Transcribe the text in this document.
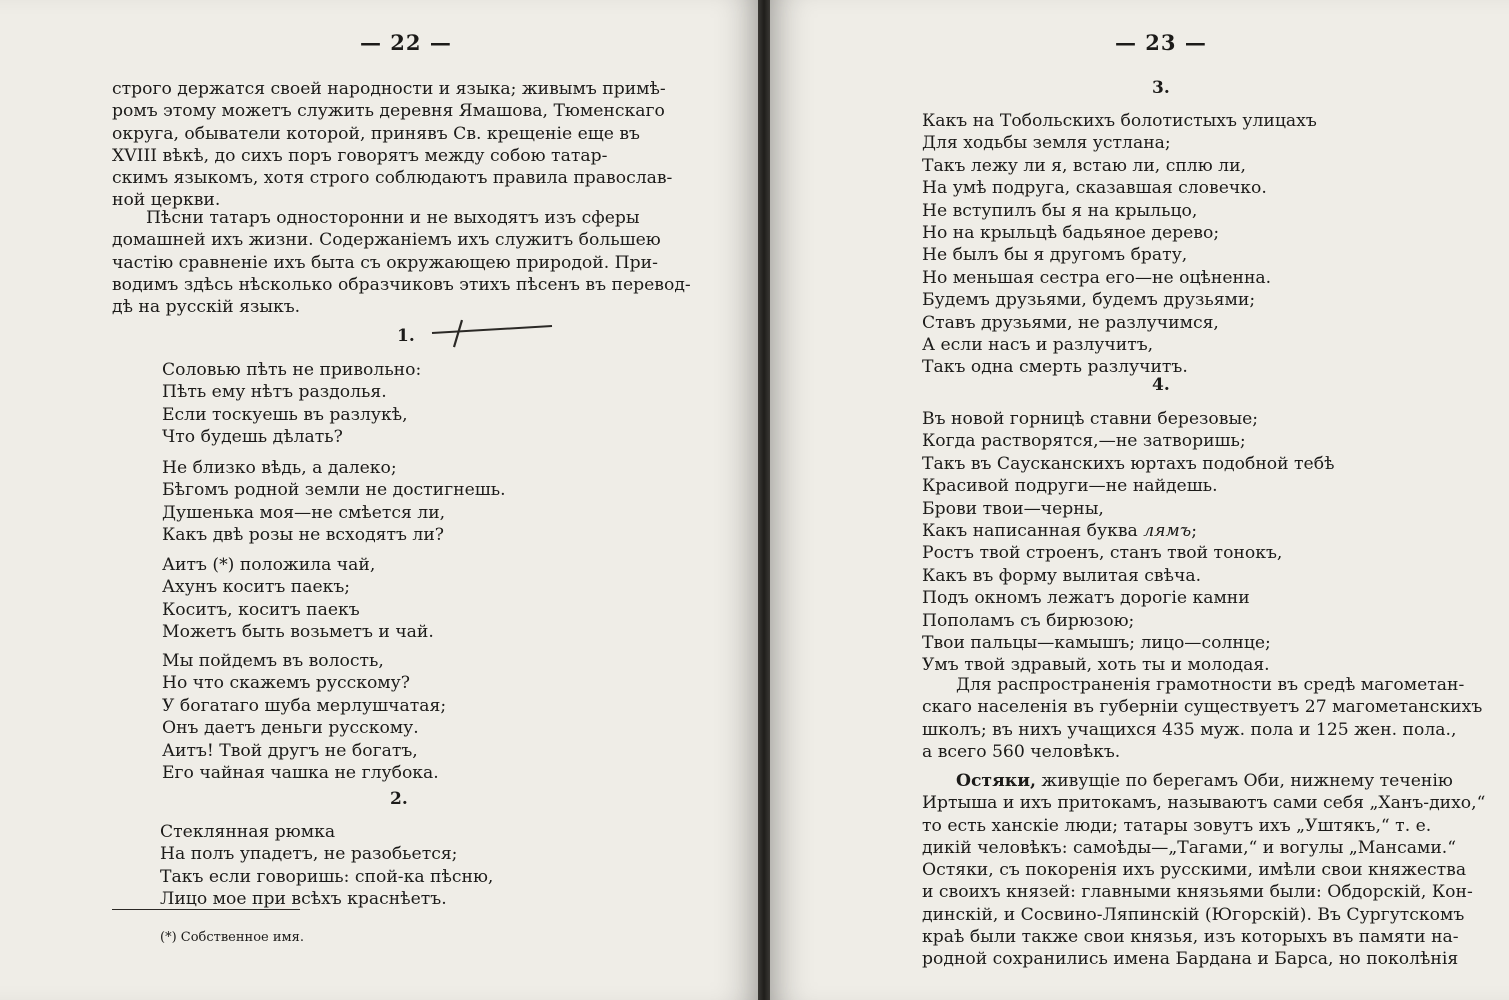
— 22 —

строго держатся своей народности и языка; живымъ примѣ-
ромъ этому можетъ служить деревня Ямашова, Тюменскаго
округа, обыватели которой, принявъ Св. крещеніе еще въ
XVIII вѣкѣ, до сихъ поръ говорятъ между собою татар-
скимъ языкомъ, хотя строго соблюдаютъ правила православ-
ной церкви.

Пѣсни татаръ односторонни и не выходятъ изъ сферы
домашней ихъ жизни. Содержаніемъ ихъ служитъ большею
частію сравненіе ихъ быта съ окружающею природой. При-
водимъ здѣсь нѣсколько образчиковъ этихъ пѣсенъ въ перевод-
дѣ на русскій языкъ.

1.
Соловью пѣть не привольно:
Пѣть ему нѣтъ раздолья.
Если тоскуешь въ разлукѣ,
Что будешь дѣлать?
Не близко вѣдь, а далеко;
Бѣгомъ родной земли не достигнешь.
Душенька моя—не смѣется ли,
Какъ двѣ розы не всходятъ ли?
Аитъ (*) положила чай,
Ахунъ коситъ паекъ;
Коситъ, коситъ паекъ
Можетъ быть возьметъ и чай.
Мы пойдемъ въ волость,
Но что скажемъ русскому?
У богатаго шуба мерлушчатая;
Онъ даетъ деньги русскому.
Аитъ! Твой другъ не богатъ,
Его чайная чашка не глубока.
2.
Стеклянная рюмка
На полъ упадетъ, не разобьется;
Такъ если говоришь: спой-ка пѣсню,
Лицо мое при всѣхъ краснѣетъ.
(*) Собственное имя.
— 23 —
3.
Какъ на Тобольскихъ болотистыхъ улицахъ
Для ходьбы земля устлана;
Такъ лежу ли я, встаю ли, сплю ли,
На умѣ подруга, сказавшая словечко.
Не вступилъ бы я на крыльцо,
Но на крыльцѣ бадьяное дерево;
Не былъ бы я другомъ брату,
Но меньшая сестра его—не оцѣненна.
Будемъ друзьями, будемъ друзьями;
Ставъ друзьями, не разлучимся,
А если насъ и разлучитъ,
Такъ одна смерть разлучитъ.
4.
Въ новой горницѣ ставни березовые;
Когда растворятся,—не затворишь;
Такъ въ Саусканскихъ юртахъ подобной тебѣ
Красивой подруги—не найдешь.
Брови твои—черны,
Какъ написанная буква лямъ;
Ростъ твой строенъ, станъ твой тонокъ,
Какъ въ форму вылитая свѣча.
Подъ окномъ лежатъ дорогіе камни
Пополамъ съ бирюзою;
Твои пальцы—камышъ; лицо—солнце;
Умъ твой здравый, хоть ты и молодая.

Для распространенія грамотности въ средѣ магометан-
скаго населенія въ губерніи существуетъ 27 магометанскихъ
школъ; въ нихъ учащихся 435 муж. пола и 125 жен. пола.,
а всего 560 человѣкъ.

Остяки, живущіе по берегамъ Оби, нижнему теченію
Иртыша и ихъ притокамъ, называютъ сами себя „Ханъ-дихо,“
то есть ханскіе люди; татары зовутъ ихъ „Уштякъ,“ т. е.
дикій человѣкъ: самоѣды—„Тагами,“ и вогулы „Мансами.“
Остяки, съ покоренія ихъ русскими, имѣли свои княжества
и своихъ князей: главными князьями были: Обдорскій, Кон-
динскій, и Сосвино-Ляпинскій (Югорскій). Въ Сургутскомъ
краѣ были также свои князья, изъ которыхъ въ памяти на-
родной сохранились имена Бардана и Барса, но поколѣнія
